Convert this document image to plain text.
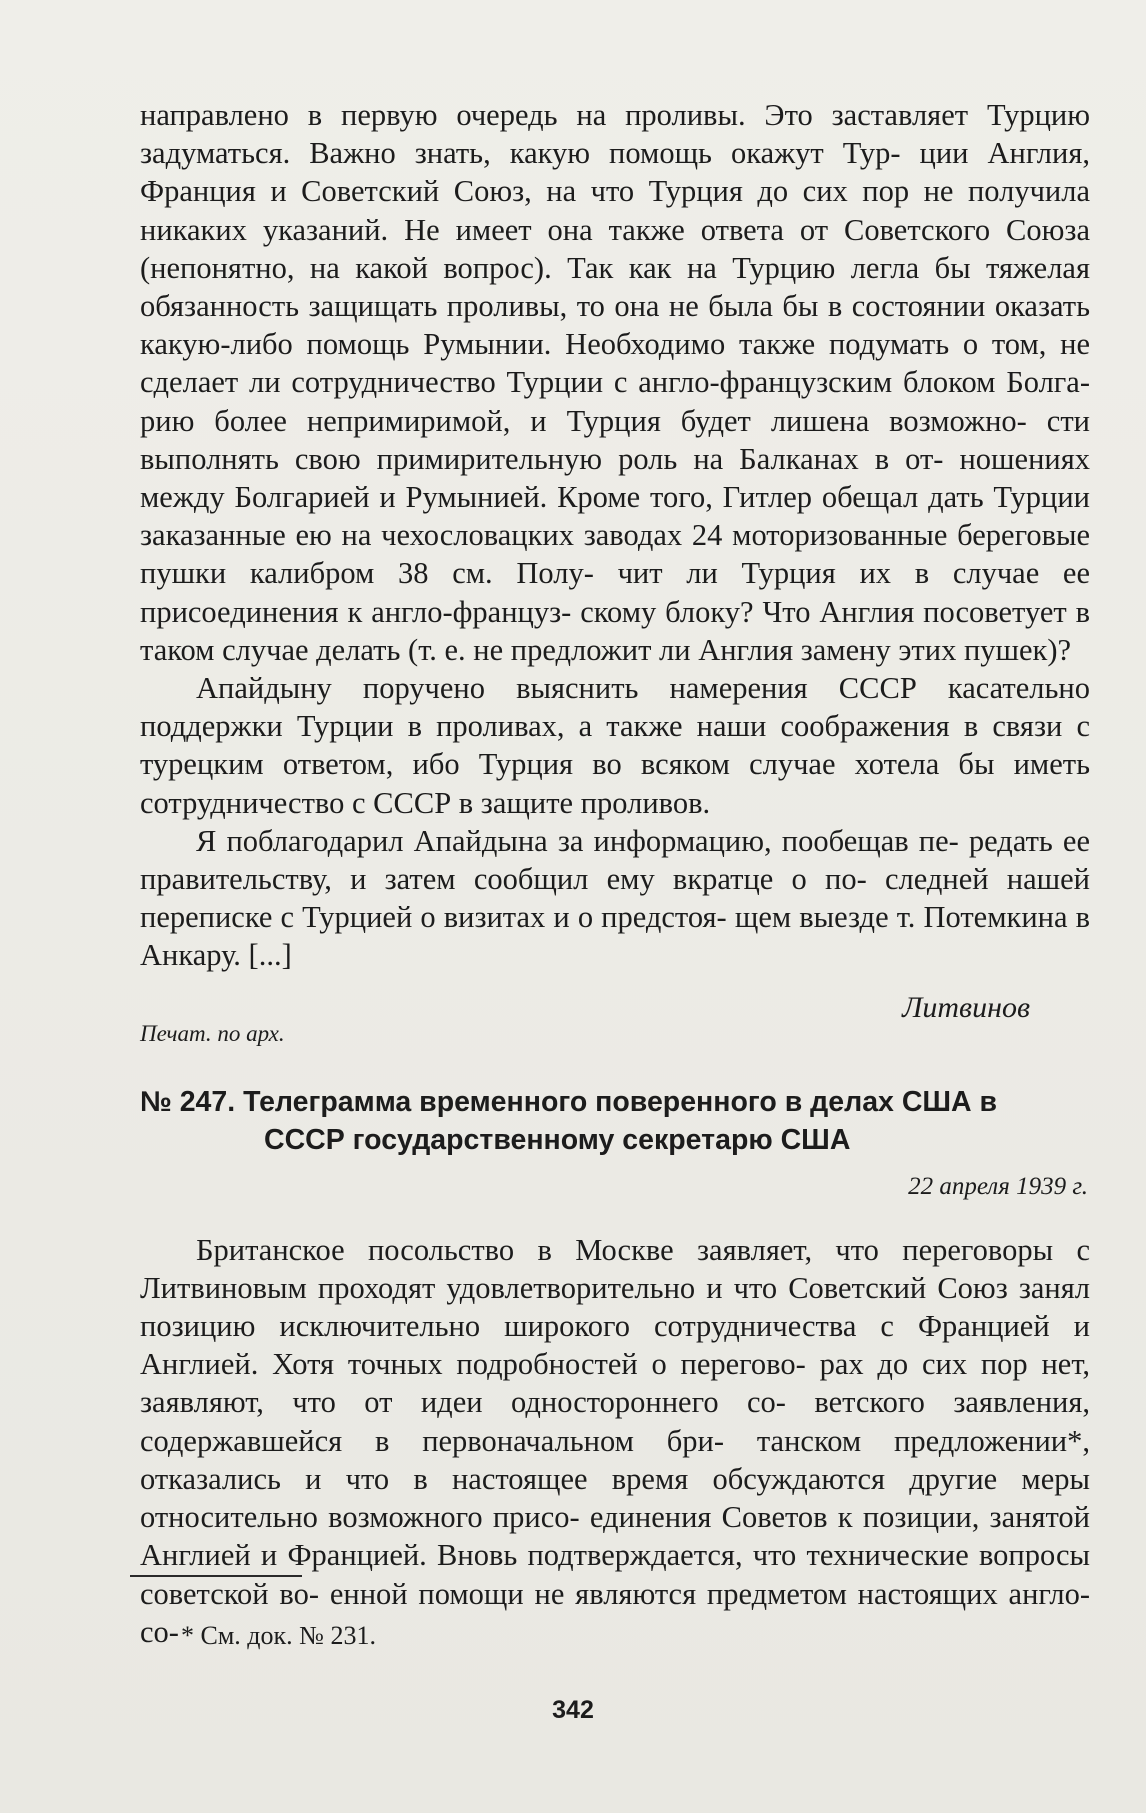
направлено в первую очередь на проливы. Это заставляет Турцию задуматься. Важно знать, какую помощь окажут Тур- ции Англия, Франция и Советский Союз, на что Турция до сих пор не получила никаких указаний. Не имеет она также ответа от Советского Союза (непонятно, на какой вопрос). Так как на Турцию легла бы тяжелая обязанность защищать проливы, то она не была бы в состоянии оказать какую-либо помощь Румынии. Необходимо также подумать о том, не сделает ли сотрудничество Турции с англо-французским блоком Болга- рию более непримиримой, и Турция будет лишена возможно- сти выполнять свою примирительную роль на Балканах в от- ношениях между Болгарией и Румынией. Кроме того, Гитлер обещал дать Турции заказанные ею на чехословацких заводах 24 моторизованные береговые пушки калибром 38 см. Полу- чит ли Турция их в случае ее присоединения к англо-француз- скому блоку? Что Англия посоветует в таком случае делать (т. е. не предложит ли Англия замену этих пушек)?

Апайдыну поручено выяснить намерения СССР касательно поддержки Турции в проливах, а также наши соображения в связи с турецким ответом, ибо Турция во всяком случае хотела бы иметь сотрудничество с СССР в защите проливов.

Я поблагодарил Апайдына за информацию, пообещав пе- редать ее правительству, и затем сообщил ему вкратце о по- следней нашей переписке с Турцией о визитах и о предстоя- щем выезде т. Потемкина в Анкару. [...]

Печат. по арх.
Литвинов
№ 247. Телеграмма временного поверенного в делах США в
СССР государственному секретарю США
22 апреля 1939 г.

Британское посольство в Москве заявляет, что переговоры с Литвиновым проходят удовлетворительно и что Советский Союз занял позицию исключительно широкого сотрудничества с Францией и Англией. Хотя точных подробностей о перегово- рах до сих пор нет, заявляют, что от идеи одностороннего со- ветского заявления, содержавшейся в первоначальном бри- танском предложении*, отказались и что в настоящее время обсуждаются другие меры относительно возможного присо- единения Советов к позиции, занятой Англией и Францией. Вновь подтверждается, что технические вопросы советской во- енной помощи не являются предметом настоящих англо-со- * См. док. № 231.
342
